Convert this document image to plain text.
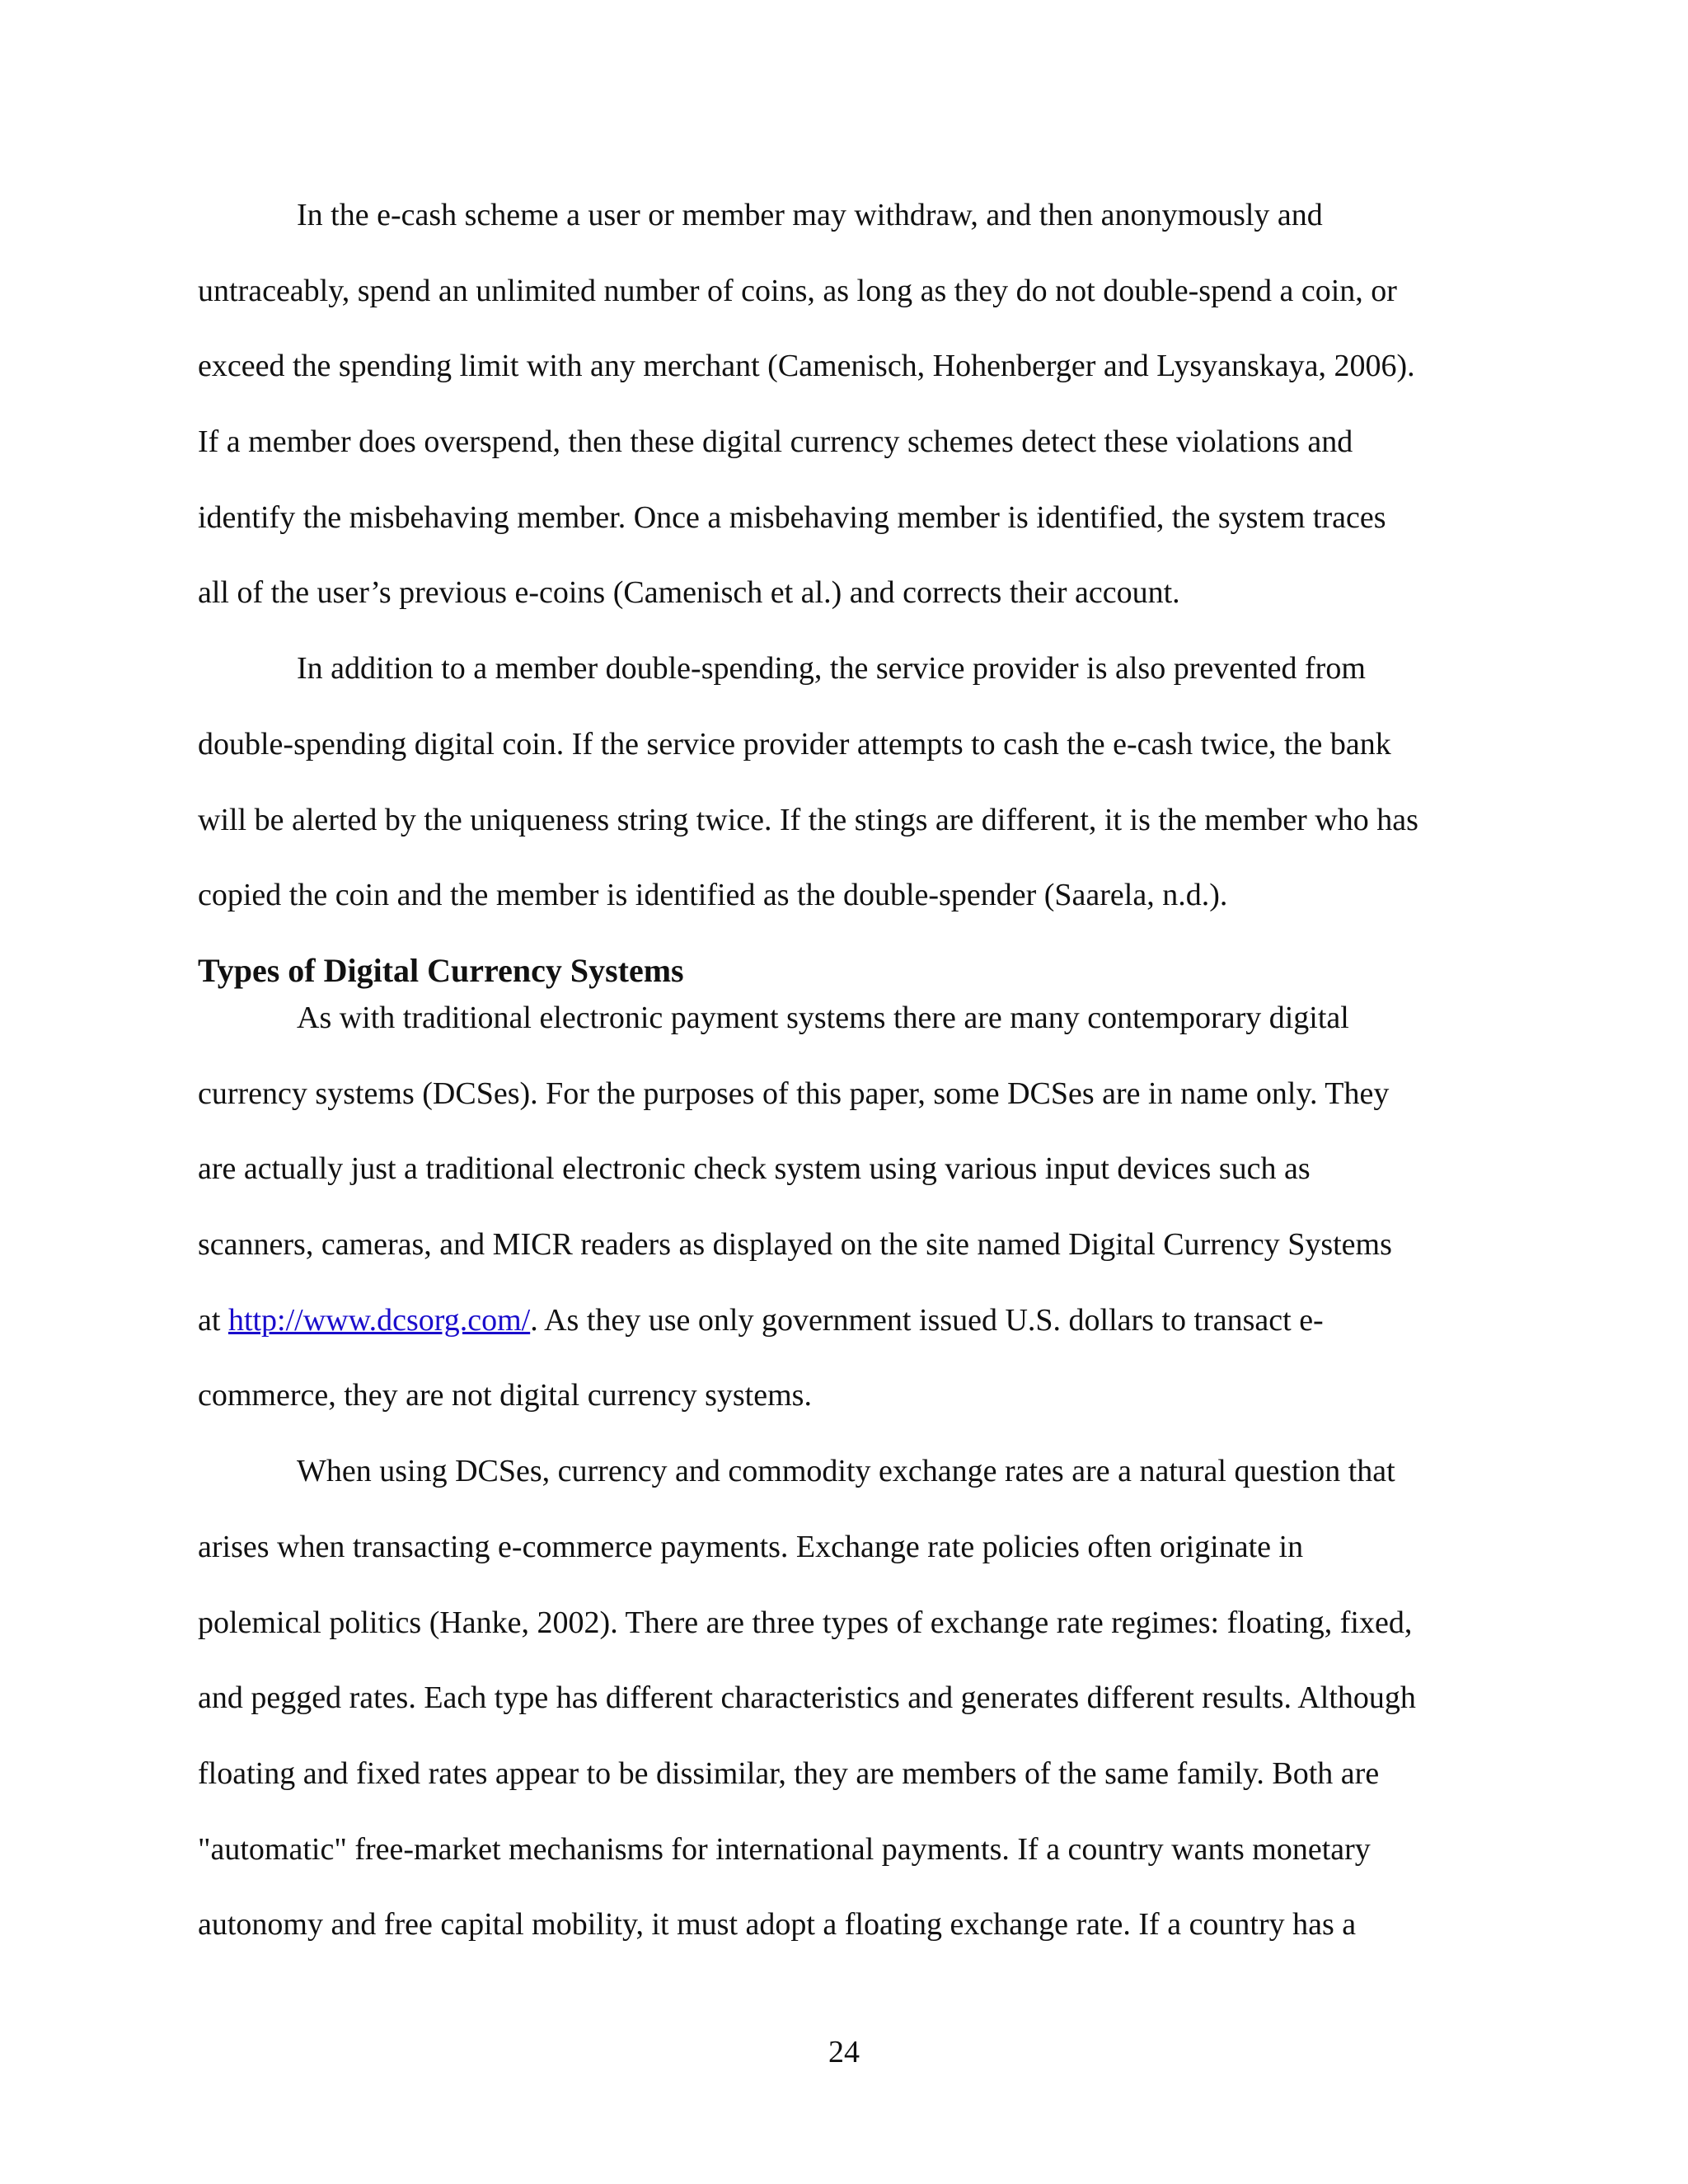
In the e-cash scheme a user or member may withdraw, and then anonymously and
untraceably, spend an unlimited number of coins, as long as they do not double-spend a coin, or
exceed the spending limit with any merchant (Camenisch, Hohenberger and Lysyanskaya, 2006).
If a member does overspend, then these digital currency schemes detect these violations and
identify the misbehaving member. Once a misbehaving member is identified, the system traces
all of the user’s previous e-coins (Camenisch et al.) and corrects their account.
In addition to a member double-spending, the service provider is also prevented from
double-spending digital coin. If the service provider attempts to cash the e-cash twice, the bank
will be alerted by the uniqueness string twice. If the stings are different, it is the member who has
copied the coin and the member is identified as the double-spender (Saarela, n.d.).

Types of Digital Currency Systems

As with traditional electronic payment systems there are many contemporary digital
currency systems (DCSes). For the purposes of this paper, some DCSes are in name only. They
are actually just a traditional electronic check system using various input devices such as
scanners, cameras, and MICR readers as displayed on the site named Digital Currency Systems
at http://www.dcsorg.com/. As they use only government issued U.S. dollars to transact e-
commerce, they are not digital currency systems.
When using DCSes, currency and commodity exchange rates are a natural question that
arises when transacting e-commerce payments. Exchange rate policies often originate in
polemical politics (Hanke, 2002). There are three types of exchange rate regimes: floating, fixed,
and pegged rates. Each type has different characteristics and generates different results. Although
floating and fixed rates appear to be dissimilar, they are members of the same family. Both are
"automatic" free-market mechanisms for international payments. If a country wants monetary
autonomy and free capital mobility, it must adopt a floating exchange rate. If a country has a

24
